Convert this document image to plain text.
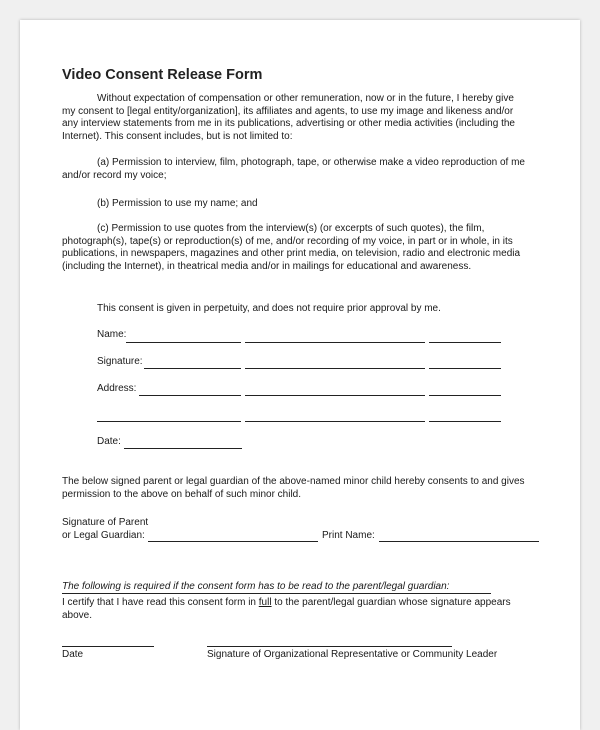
Video Consent Release Form
Without expectation of compensation or other remuneration, now or in the future, I hereby give
my consent to [legal entity/organization], its affiliates and agents, to use my image and likeness and/or
any interview statements from me in its publications, advertising or other media activities (including the
Internet). This consent includes, but is not limited to:
(a) Permission to interview, film, photograph, tape, or otherwise make a video reproduction of me
and/or record my voice;
(b) Permission to use my name; and
(c) Permission to use quotes from the interview(s) (or excerpts of such quotes), the film,
photograph(s), tape(s) or reproduction(s) of me, and/or recording of my voice, in part or in whole, in its
publications, in newspapers, magazines and other print media, on television, radio and electronic media
(including the Internet), in theatrical media and/or in mailings for educational and awareness.
This consent is given in perpetuity, and does not require prior approval by me.
Name:
Signature:
Address:
Date:
The below signed parent or legal guardian of the above-named minor child hereby consents to and gives
permission to the above on behalf of such minor child.
Signature of Parent
or Legal Guardian:	Print Name:
The following is required if the consent form has to be read to the parent/legal guardian:
I certify that I have read this consent form in full to the parent/legal guardian whose signature appears
above.
Date	Signature of Organizational Representative or Community Leader
